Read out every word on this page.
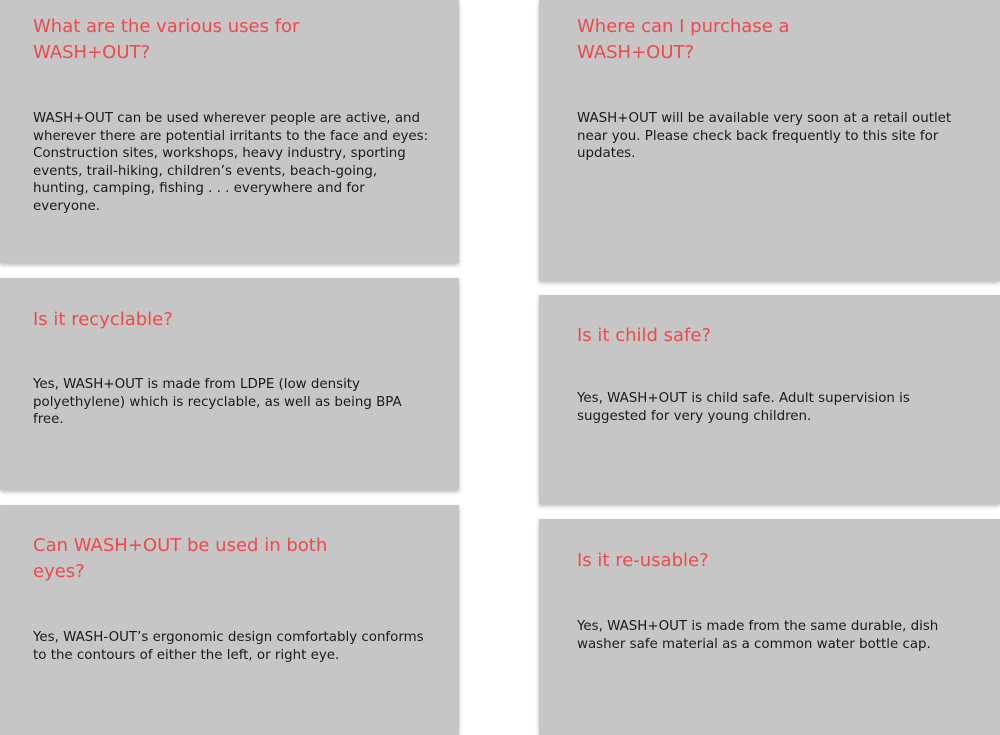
What are the various uses for WASH+OUT?

WASH+OUT can be used wherever people are active, and wherever there are potential irritants to the face and eyes: Construction sites, workshops, heavy industry, sporting events, trail-hiking, children’s events, beach-going, hunting, camping, fishing . . . everywhere and for everyone.

Is it recyclable?

Yes, WASH+OUT is made from LDPE (low density polyethylene) which is recyclable, as well as being BPA free.

Can WASH+OUT be used in both eyes?

Yes, WASH-OUT’s ergonomic design comfortably conforms to the contours of either the left, or right eye.

Where can I purchase a WASH+OUT?

WASH+OUT will be available very soon at a retail outlet near you. Please check back frequently to this site for updates.

Is it child safe?

Yes, WASH+OUT is child safe. Adult supervision is suggested for very young children.

Is it re-usable?

Yes, WASH+OUT is made from the same durable, dish washer safe material as a common water bottle cap.
